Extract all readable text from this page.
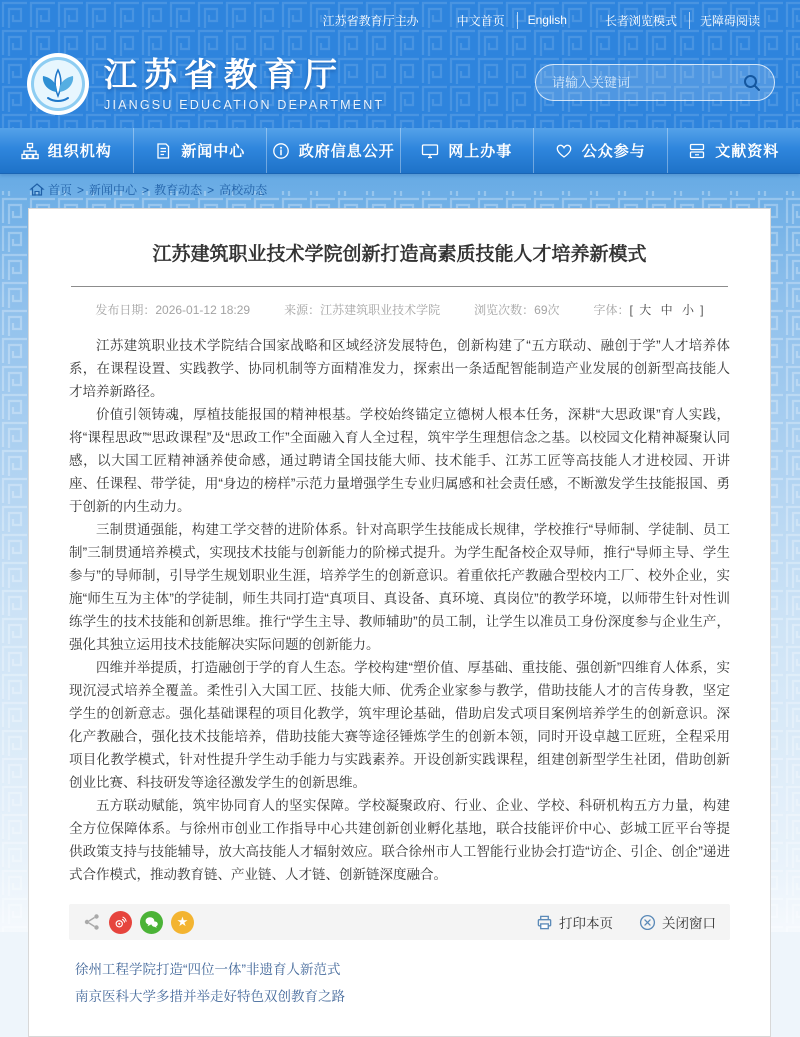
江苏省教育厅主办	中文首页	English	长者浏览模式	无障碍阅读
江苏省教育厅
JIANGSU EDUCATION DEPARTMENT
请输入关键词
组织机构	新闻中心	政府信息公开	网上办事	公众参与	文献资料
首页 > 新闻中心 > 教育动态 > 高校动态
江苏建筑职业技术学院创新打造高素质技能人才培养新模式
发布日期： 2026-01-12 18:29	来源： 江苏建筑职业技术学院	浏览次数： 69次	字体： [ 大 中 小 ]

江苏建筑职业技术学院结合国家战略和区域经济发展特色，创新构建了“五方联动、融创于学”人才培养体系，在课程设置、实践教学、协同机制等方面精准发力，探索出一条适配智能制造产业发展的创新型高技能人才培养新路径。

价值引领铸魂，厚植技能报国的精神根基。学校始终锚定立德树人根本任务，深耕“大思政课”育人实践，将“课程思政”“思政课程”及“思政工作”全面融入育人全过程，筑牢学生理想信念之基。以校园文化精神凝聚认同感，以大国工匠精神涵养使命感，通过聘请全国技能大师、技术能手、江苏工匠等高技能人才进校园、开讲座、任课程、带学徒，用“身边的榜样”示范力量增强学生专业归属感和社会责任感，不断激发学生技能报国、勇于创新的内生动力。

三制贯通强能，构建工学交替的进阶体系。针对高职学生技能成长规律，学校推行“导师制、学徒制、员工制”三制贯通培养模式，实现技术技能与创新能力的阶梯式提升。为学生配备校企双导师，推行“导师主导、学生参与”的导师制，引导学生规划职业生涯，培养学生的创新意识。着重依托产教融合型校内工厂、校外企业，实施“师生互为主体”的学徒制，师生共同打造“真项目、真设备、真环境、真岗位”的教学环境，以师带生针对性训练学生的技术技能和创新思维。推行“学生主导、教师辅助”的员工制，让学生以准员工身份深度参与企业生产，强化其独立运用技术技能解决实际问题的创新能力。

四维并举提质，打造融创于学的育人生态。学校构建“塑价值、厚基础、重技能、强创新”四维育人体系，实现沉浸式培养全覆盖。柔性引入大国工匠、技能大师、优秀企业家参与教学，借助技能人才的言传身教，坚定学生的创新意志。强化基础课程的项目化教学，筑牢理论基础，借助启发式项目案例培养学生的创新意识。深化产教融合，强化技术技能培养，借助技能大赛等途径锤炼学生的创新本领，同时开设卓越工匠班，全程采用项目化教学模式，针对性提升学生动手能力与实践素养。开设创新实践课程，组建创新型学生社团，借助创新创业比赛、科技研发等途径激发学生的创新思维。

五方联动赋能，筑牢协同育人的坚实保障。学校凝聚政府、行业、企业、学校、科研机构五方力量，构建全方位保障体系。与徐州市创业工作指导中心共建创新创业孵化基地，联合技能评价中心、彭城工匠平台等提供政策支持与技能辅导，放大高技能人才辐射效应。联合徐州市人工智能行业协会打造“访企、引企、创企”递进式合作模式，推动教育链、产业链、人才链、创新链深度融合。

★	打印本页	关闭窗口
徐州工程学院打造“四位一体”非遗育人新范式
南京医科大学多措并举走好特色双创教育之路
